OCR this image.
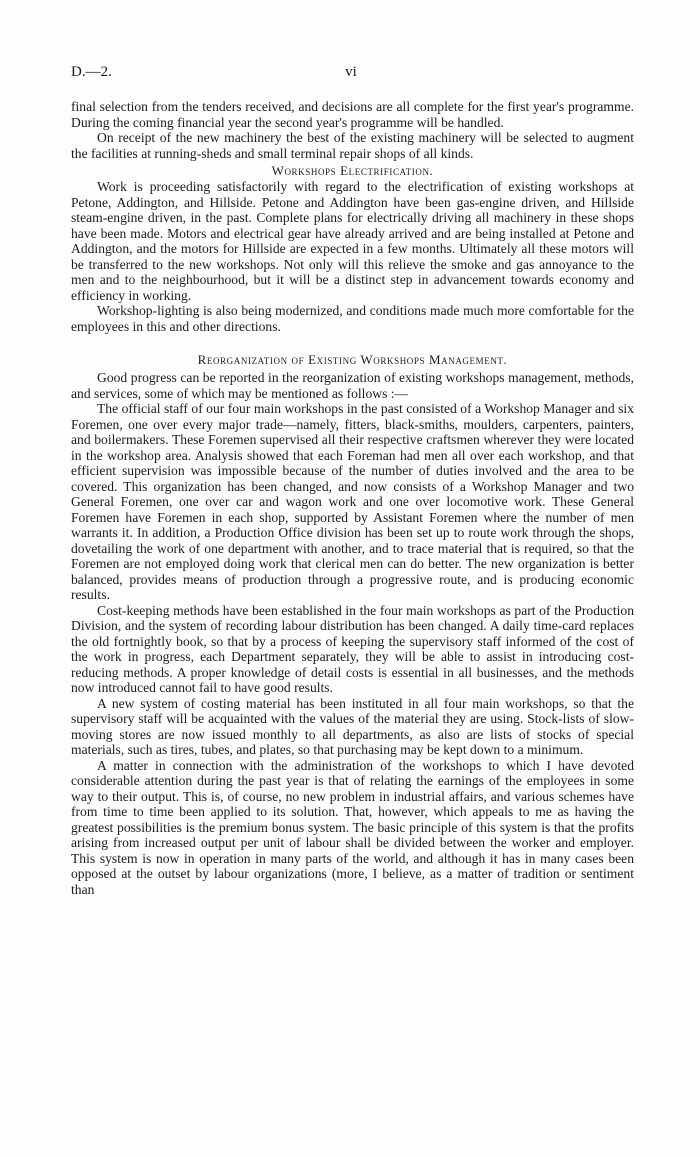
D.—2.	vi

final selection from the tenders received, and decisions are all complete for the first year's programme. During the coming financial year the second year's programme will be handled.

On receipt of the new machinery the best of the existing machinery will be selected to augment the facilities at running-sheds and small terminal repair shops of all kinds.

Workshops Electrification.

Work is proceeding satisfactorily with regard to the electrification of existing workshops at Petone, Addington, and Hillside. Petone and Addington have been gas-engine driven, and Hillside steam-engine driven, in the past. Complete plans for electrically driving all machinery in these shops have been made. Motors and electrical gear have already arrived and are being installed at Petone and Addington, and the motors for Hillside are expected in a few months. Ultimately all these motors will be transferred to the new workshops. Not only will this relieve the smoke and gas annoyance to the men and to the neighbourhood, but it will be a distinct step in advancement towards economy and efficiency in working.

Workshop-lighting is also being modernized, and conditions made much more comfortable for the employees in this and other directions.

Reorganization of Existing Workshops Management.

Good progress can be reported in the reorganization of existing workshops management, methods, and services, some of which may be mentioned as follows :—

The official staff of our four main workshops in the past consisted of a Workshop Manager and six Foremen, one over every major trade—namely, fitters, black-smiths, moulders, carpenters, painters, and boilermakers. These Foremen supervised all their respective craftsmen wherever they were located in the workshop area. Analysis showed that each Foreman had men all over each workshop, and that efficient supervision was impossible because of the number of duties involved and the area to be covered. This organization has been changed, and now consists of a Workshop Manager and two General Foremen, one over car and wagon work and one over locomotive work. These General Foremen have Foremen in each shop, supported by Assistant Foremen where the number of men warrants it. In addition, a Production Office division has been set up to route work through the shops, dovetailing the work of one department with another, and to trace material that is required, so that the Foremen are not employed doing work that clerical men can do better. The new organization is better balanced, provides means of production through a progressive route, and is producing economic results.

Cost-keeping methods have been established in the four main workshops as part of the Production Division, and the system of recording labour distribution has been changed. A daily time-card replaces the old fortnightly book, so that by a process of keeping the supervisory staff informed of the cost of the work in progress, each Department separately, they will be able to assist in introducing cost-reducing methods. A proper knowledge of detail costs is essential in all businesses, and the methods now introduced cannot fail to have good results.

A new system of costing material has been instituted in all four main workshops, so that the supervisory staff will be acquainted with the values of the material they are using. Stock-lists of slow-moving stores are now issued monthly to all departments, as also are lists of stocks of special materials, such as tires, tubes, and plates, so that purchasing may be kept down to a minimum.

A matter in connection with the administration of the workshops to which I have devoted considerable attention during the past year is that of relating the earnings of the employees in some way to their output. This is, of course, no new problem in industrial affairs, and various schemes have from time to time been applied to its solution. That, however, which appeals to me as having the greatest possibilities is the premium bonus system. The basic principle of this system is that the profits arising from increased output per unit of labour shall be divided between the worker and employer. This system is now in operation in many parts of the world, and although it has in many cases been opposed at the outset by labour organizations (more, I believe, as a matter of tradition or sentiment than
